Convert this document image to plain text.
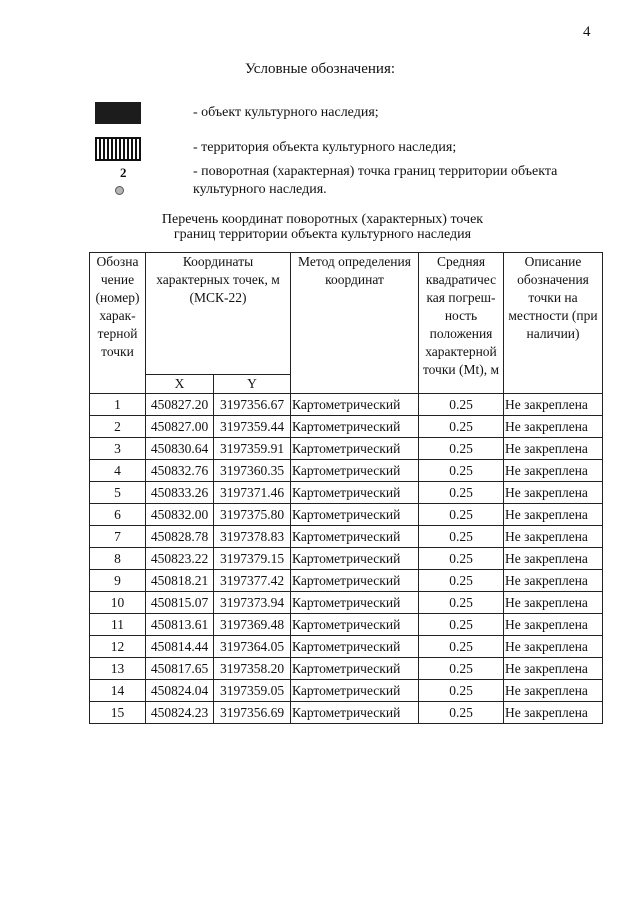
4
Условные обозначения:
- объект культурного наследия;
- территория объекта культурного наследия;
2	- поворотная (характерная) точка границ территории объекта культурного наследия.
Перечень координат поворотных (характерных) точек
границ территории объекта культурного наследия
Обозна чение (номер) харак- терной точки	Координаты характерных точек, м (МСК-22)		Метод определения координат	Средняя квадратичес кая погреш- ность положения характерной точки (Mt), м	Описание обозначения точки на местности (при наличии)
	X	Y			
1	450827.20	3197356.67	Картометрический	0.25	Не закреплена
2	450827.00	3197359.44	Картометрический	0.25	Не закреплена
3	450830.64	3197359.91	Картометрический	0.25	Не закреплена
4	450832.76	3197360.35	Картометрический	0.25	Не закреплена
5	450833.26	3197371.46	Картометрический	0.25	Не закреплена
6	450832.00	3197375.80	Картометрический	0.25	Не закреплена
7	450828.78	3197378.83	Картометрический	0.25	Не закреплена
8	450823.22	3197379.15	Картометрический	0.25	Не закреплена
9	450818.21	3197377.42	Картометрический	0.25	Не закреплена
10	450815.07	3197373.94	Картометрический	0.25	Не закреплена
11	450813.61	3197369.48	Картометрический	0.25	Не закреплена
12	450814.44	3197364.05	Картометрический	0.25	Не закреплена
13	450817.65	3197358.20	Картометрический	0.25	Не закреплена
14	450824.04	3197359.05	Картометрический	0.25	Не закреплена
15	450824.23	3197356.69	Картометрический	0.25	Не закреплена
